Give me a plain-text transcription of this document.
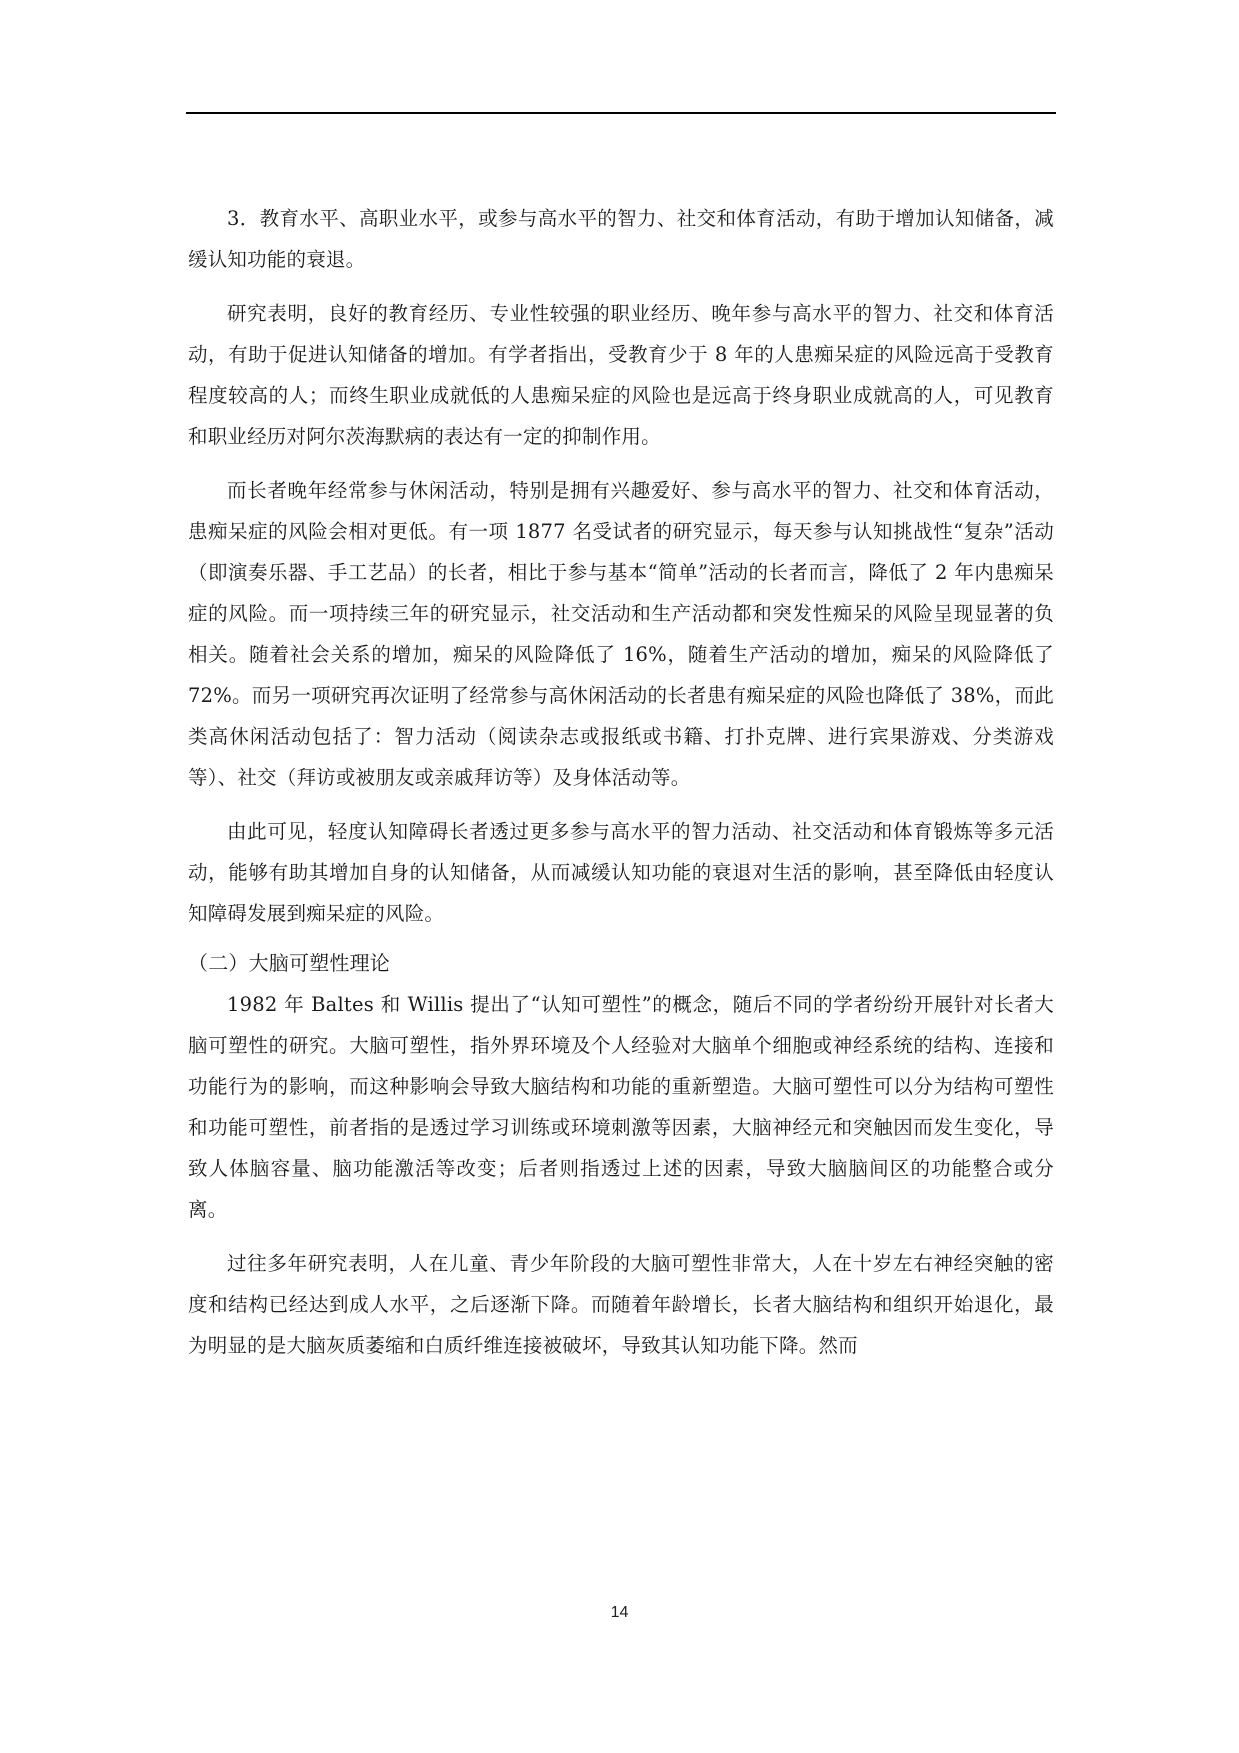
3．教育水平、高职业水平，或参与高水平的智力、社交和体育活动，有助于增加认知储备，减缓认知功能的衰退。

研究表明，良好的教育经历、专业性较强的职业经历、晚年参与高水平的智力、社交和体育活动，有助于促进认知储备的增加。有学者指出，受教育少于 8 年的人患痴呆症的风险远高于受教育程度较高的人；而终生职业成就低的人患痴呆症的风险也是远高于终身职业成就高的人，可见教育和职业经历对阿尔茨海默病的表达有一定的抑制作用。

而长者晚年经常参与休闲活动，特别是拥有兴趣爱好、参与高水平的智力、社交和体育活动，患痴呆症的风险会相对更低。有一项 1877 名受试者的研究显示，每天参与认知挑战性“复杂”活动（即演奏乐器、手工艺品）的长者，相比于参与基本“简单”活动的长者而言，降低了 2 年内患痴呆症的风险。而一项持续三年的研究显示，社交活动和生产活动都和突发性痴呆的风险呈现显著的负相关。随着社会关系的增加，痴呆的风险降低了 16%，随着生产活动的增加，痴呆的风险降低了 72%。而另一项研究再次证明了经常参与高休闲活动的长者患有痴呆症的风险也降低了 38%，而此类高休闲活动包括了：智力活动（阅读杂志或报纸或书籍、打扑克牌、进行宾果游戏、分类游戏等）、社交（拜访或被朋友或亲戚拜访等）及身体活动等。

由此可见，轻度认知障碍长者透过更多参与高水平的智力活动、社交活动和体育锻炼等多元活动，能够有助其增加自身的认知储备，从而减缓认知功能的衰退对生活的影响，甚至降低由轻度认知障碍发展到痴呆症的风险。

（二）大脑可塑性理论

1982 年 Baltes 和 Willis 提出了“认知可塑性”的概念，随后不同的学者纷纷开展针对长者大脑可塑性的研究。大脑可塑性，指外界环境及个人经验对大脑单个细胞或神经系统的结构、连接和功能行为的影响，而这种影响会导致大脑结构和功能的重新塑造。大脑可塑性可以分为结构可塑性和功能可塑性，前者指的是透过学习训练或环境刺激等因素，大脑神经元和突触因而发生变化，导致人体脑容量、脑功能激活等改变；后者则指透过上述的因素，导致大脑脑间区的功能整合或分离。

过往多年研究表明，人在儿童、青少年阶段的大脑可塑性非常大，人在十岁左右神经突触的密度和结构已经达到成人水平，之后逐渐下降。而随着年龄增长，长者大脑结构和组织开始退化，最为明显的是大脑灰质萎缩和白质纤维连接被破坏，导致其认知功能下降。然而

14
